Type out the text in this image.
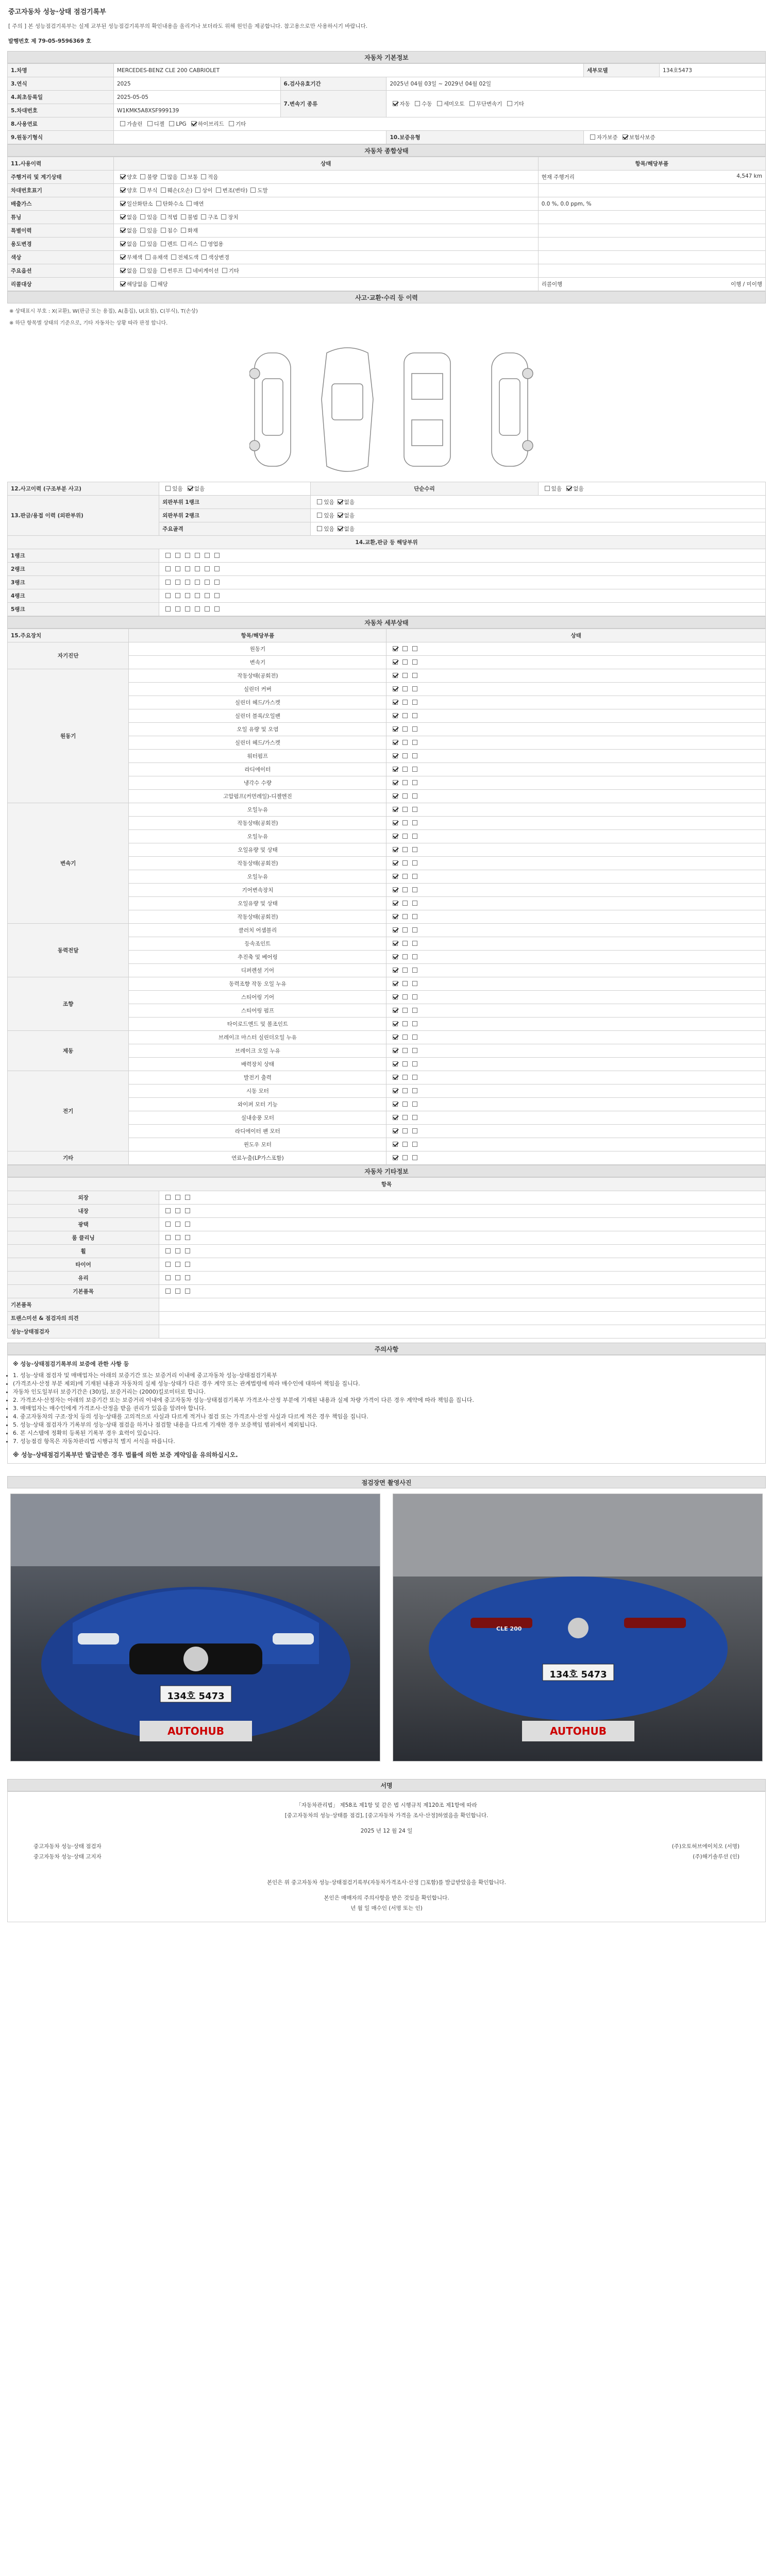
중고자동차 성능·상태 점검기록부
[ 주의 ] 본 성능점검기록부는 실제 교부된 성능점검기록부의 확인내용을 올리거나 보더라도 위해 원인을 제공합니다. 참고용으로만 사용하시기 바랍니다.
발행번호 제 79-05-9596369 호
자동차 기본정보
1.차명	MERCEDES-BENZ CLE 200 CABRIOLET			세부모델	134호5473
3.연식	2025	6.검사유효기간	2025년 04월 03일 ~ 2029년 04월 02일		
4.최초등록일	2025-05-05	7.변속기 종류	자동 수동 세미오토 무단변속기 기타		
5.차대번호	W1KMK5A8XSF999139				
8.사용연료	가솔린 디젤 LPG 하이브리드 기타				
9.원동기형식			10.보증유형	자가보증 보험사보증	
자동차 종합상태
11.사용이력	상태	항목/해당부품
주행거리 및 계기상태	양호 불량 많음 보통 적음	현재 주행거리 4,547 km

차대번호표기	양호 부식 훼손(오손) 상이 변조(변타) 도말	
배출가스	일산화탄소 탄화수소 매연	0.0 %, 0.0 ppm, %
튜닝	없음 있음 적법 불법 구조 장치	
특별이력	없음 있음 침수 화재	
용도변경	없음 있음 렌트 리스 영업용	
색상	무채색 유채색 전체도색 색상변경	
주요옵션	없음 있음 썬루프 네비게이션 기타	
리콜대상	해당없음 해당	리콜이행 이행 / 미이행
사고·교환·수리 등 이력
※ 상태표시 부호 : X(교환), W(판금 또는 용접), A(흠집), U(요철), C(부식), T(손상)
※ 하단 항목별 상태의 기준으로, 기타 자동차는 상황 따라 판정 합니다.
12.사고이력 (구조부분 사고)	있음 없음	단순수리	있음 없음
13.판금/용접 이력 (외판부위)	외판부위 1랭크	있음 없음	
	외판부위 2랭크	있음 없음	
	주요골격	있음 없음	
14.교환,판금 등 해당부위			
1랭크			
2랭크			
3랭크			
4랭크			
5랭크			
자동차 세부상태
15.주요장치	항목/해당부품	상태
자기진단	원동기	
	변속기	
원동기	작동상태(공회전)	
	실린더 커버	
	실린더 헤드/가스켓	
	실린더 블록/오일팬	
	오일 유량 및 오염	
	실린더 헤드/가스켓	
	워터펌프	
	라디에이터	
	냉각수 수량	
	고압펌프(커먼레일)-디젤엔진	
변속기	오일누유	
	작동상태(공회전)	
	오일누유	
	오일유량 및 상태	
	작동상태(공회전)	
	오일누유	
	기어변속장치	
	오일유량 및 상태	
	작동상태(공회전)	
동력전달	클러치 어셈블리	
	등속조인트	
	추진축 및 베어링	
	디퍼렌셜 기어	
조향	동력조향 작동 오일 누유	
	스티어링 기어	
	스티어링 펌프	
	타이로드엔드 및 볼조인트	
제동	브레이크 마스터 실린더오일 누유	
	브레이크 오일 누유	
	배력장치 상태	
전기	발전기 출력	
	시동 모터	
	와이퍼 모터 기능	
	실내송풍 모터	
	라디에이터 팬 모터	
	윈도우 모터	
기타	연료누출(LP가스포함)	
자동차 기타정보
항목	
외장	
내장	
광택	
룸 클리닝	
휠	
타이어	
유리	
기본품목	
기본품목	
트랜스미션 & 점검자의 의견	
성능·상태점검자	
주의사항
※ 성능·상태점검기록부의 보증에 관한 사항 등
• 1. 성능·상태 점검자 및 매매업자는 아래의 보증기간 또는 보증거리 이내에 중고자동차 성능·상태점검기록부
• (가격조사·산정 부분 제외)에 기재된 내용과 자동차의 실제 성능·상태가 다른 경우 계약 또는 관계법령에 따라 매수인에 대하여 책임을 집니다.
• 자동차 인도일부터 보증기간은 (30)일, 보증거리는 (2000)킬로미터로 합니다.
• 2. 가격조사·산정자는 아래의 보증기간 또는 보증거리 이내에 중고자동차 성능·상태점검기록부 가격조사·산정 부분에 기재된 내용과 실제 차량 가격이 다른 경우 계약에 따라 책임을 집니다.
• 3. 매매업자는 매수인에게 가격조사·산정을 받을 권리가 있음을 알려야 합니다.
• 4. 중고자동차의 구조·장치 등의 성능·상태를 고의적으로 사실과 다르게 적거나 점검 또는 가격조사·산정 사실과 다르게 적은 경우 책임을 집니다.
• 5. 성능·상태 점검자가 기록부의 성능·상태 점검을 하거나 점검할 내용을 다르게 기재한 경우 보증책임 범위에서 제외됩니다.
• 6. 본 시스템에 정확히 등록된 기록부 경우 효력이 있습니다.
• 7. 성능점검 항목은 자동차관리법 시행규칙 별지 서식을 따릅니다.
※ 성능·상태점검기록부만 발급받은 경우 법률에 의한 보증 계약임을 유의하십시오.
점검장면 촬영사진
134호 5473
AUTOHUB
CLE 200
134호 5473
AUTOHUB
서명
「자동차관리법」 제58조 제1항 및 같은 법 시행규칙 제120조 제1항에 따라
[중고자동차의 성능·상태를 점검], [중고자동차 가격을 조사·산정]하였음을 확인합니다.
2025 년 12 월 24 일
중고자동차 성능·상태 점검자	(주)오토허브에이치오 (서명)
중고자동차 성능·상태 고지자	(주)해기솔루션 (인)
본인은 위 중고자동차 성능·상태점검기록부(자동차가격조사·산정 □포함)를 발급받았음을 확인합니다.
본인은 매매자의 주의사항을 받은 것임을 확인합니다.
년 월 일 매수인 (서명 또는 인)
